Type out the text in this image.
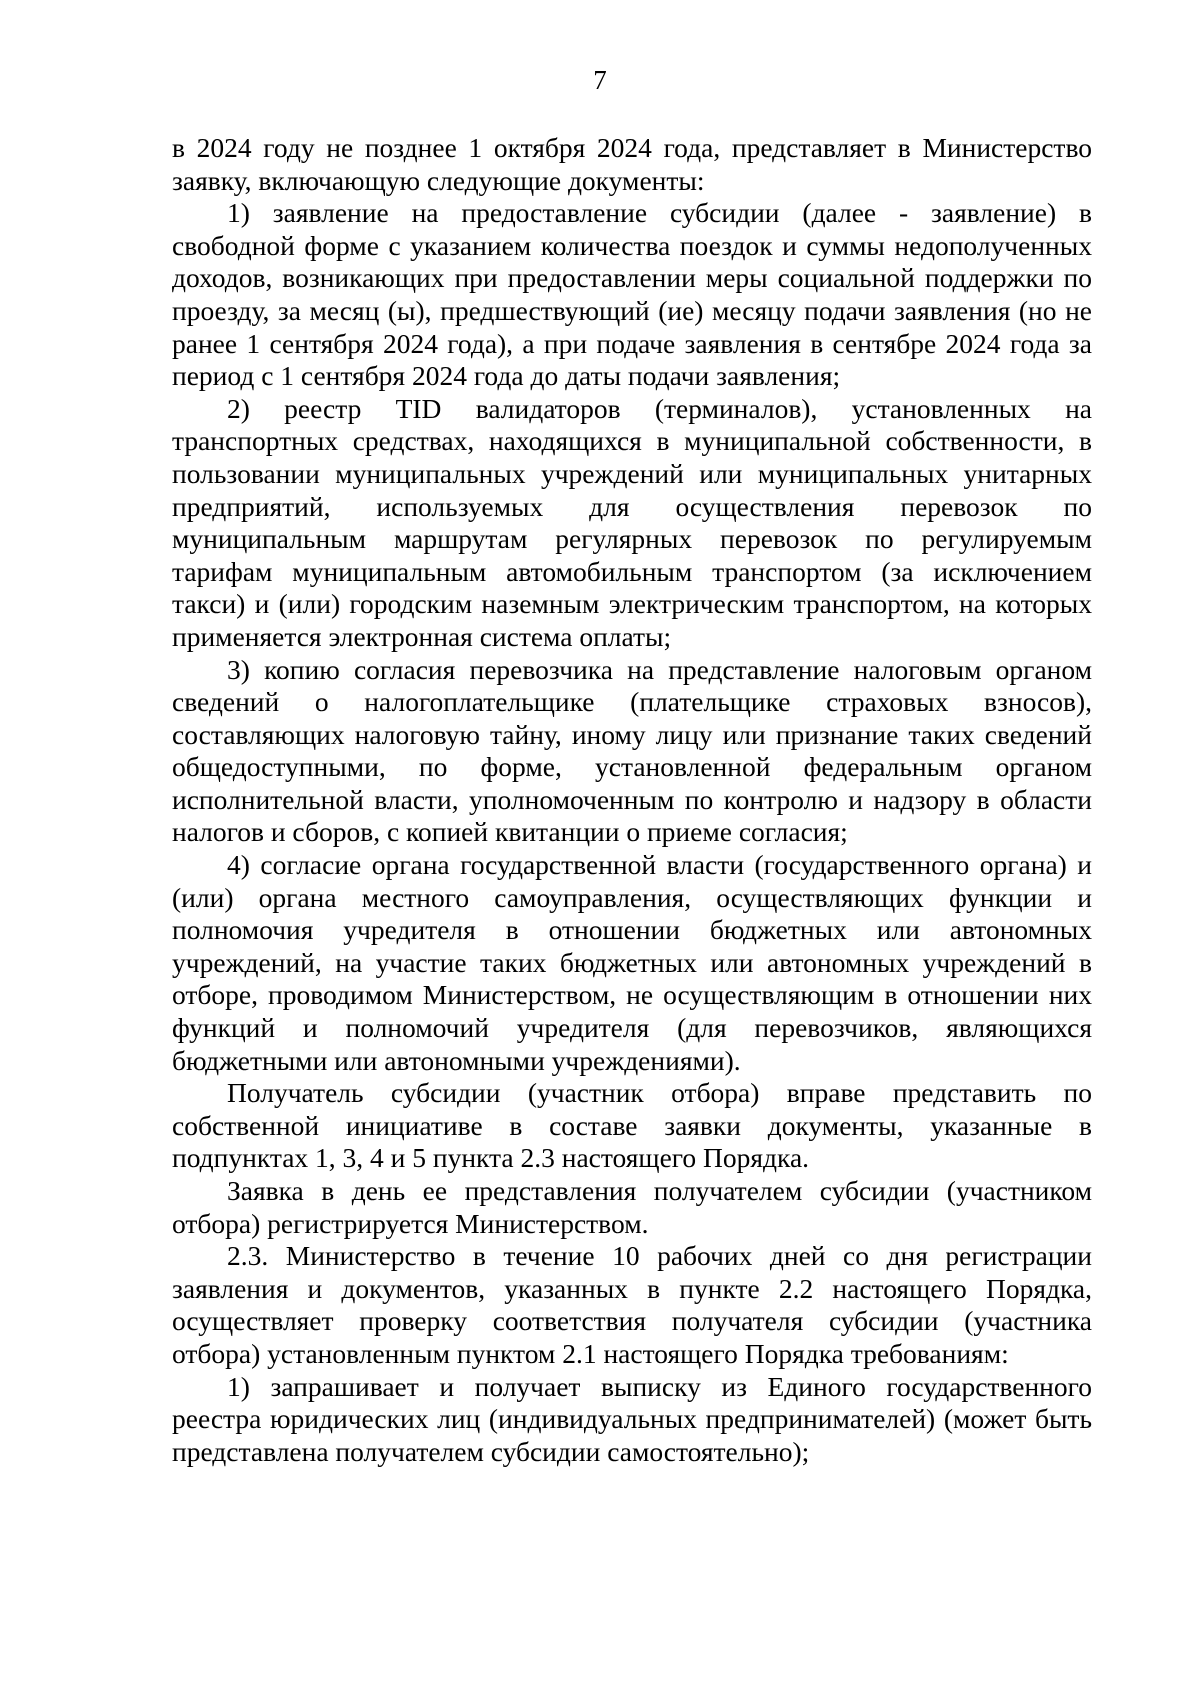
7

в 2024 году не позднее 1 октября 2024 года, представляет в Министерство заявку, включающую следующие документы:

1) заявление на предоставление субсидии (далее - заявление) в свободной форме с указанием количества поездок и суммы недополученных доходов, возникающих при предоставлении меры социальной поддержки по проезду, за месяц (ы), предшествующий (ие) месяцу подачи заявления (но не ранее 1 сентября 2024 года), а при подаче заявления в сентябре 2024 года за период с 1 сентября 2024 года до даты подачи заявления;

2) реестр TID валидаторов (терминалов), установленных на транспортных средствах, находящихся в муниципальной собственности, в пользовании муниципальных учреждений или муниципальных унитарных предприятий, используемых для осуществления перевозок по муниципальным маршрутам регулярных перевозок по регулируемым тарифам муниципальным автомобильным транспортом (за исключением такси) и (или) городским наземным электрическим транспортом, на которых применяется электронная система оплаты;

3) копию согласия перевозчика на представление налоговым органом сведений о налогоплательщике (плательщике страховых взносов), составляющих налоговую тайну, иному лицу или признание таких сведений общедоступными, по форме, установленной федеральным органом исполнительной власти, уполномоченным по контролю и надзору в области налогов и сборов, с копией квитанции о приеме согласия;

4) согласие органа государственной власти (государственного органа) и (или) органа местного самоуправления, осуществляющих функции и полномочия учредителя в отношении бюджетных или автономных учреждений, на участие таких бюджетных или автономных учреждений в отборе, проводимом Министерством, не осуществляющим в отношении них функций и полномочий учредителя (для перевозчиков, являющихся бюджетными или автономными учреждениями).

Получатель субсидии (участник отбора) вправе представить по собственной инициативе в составе заявки документы, указанные в подпунктах 1, 3, 4 и 5 пункта 2.3 настоящего Порядка.

Заявка в день ее представления получателем субсидии (участником отбора) регистрируется Министерством.

2.3. Министерство в течение 10 рабочих дней со дня регистрации заявления и документов, указанных в пункте 2.2 настоящего Порядка, осуществляет проверку соответствия получателя субсидии (участника отбора) установленным пунктом 2.1 настоящего Порядка требованиям:

1) запрашивает и получает выписку из Единого государственного реестра юридических лиц (индивидуальных предпринимателей) (может быть представлена получателем субсидии самостоятельно);
